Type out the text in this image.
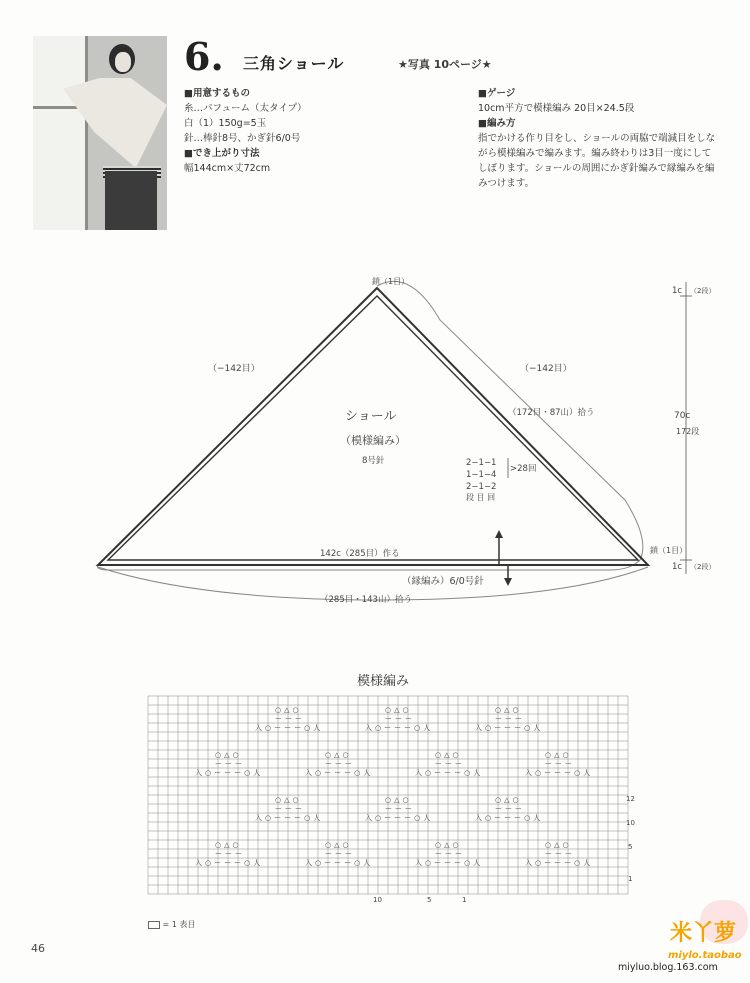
6. 三角ショール	★写真 10ページ★
■用意するもの
糸…パフューム（太タイプ）
白（1）150g=5玉
針…棒針8号、かぎ針6/0号
■でき上がり寸法
幅144cm×丈72cm
■ゲージ
10cm平方で模様編み 20目×24.5段
■編み方
指でかける作り目をし、ショールの両脇で端減目をしな
がら模様編みで編みます。編み終わりは3目一度にして
しぼります。ショールの周囲にかぎ針編みで縁編みを編
みつけます。
鎖（1目）
（−142目）	（−142目）
（172目・87山）拾う
ショール
（模様編み）
8号針	2−1−1
1−1−4
2−1−2
>28回
段 目 回
142c（285目）作る
（縁編み）6/0号針
（285目・143山）拾う
鎖（1目）
1c （2段）
70c
172段
1c （2段）
模様編み
○△○
ーーー
入○ーーー○人
○△○
ーーー
入○ーーー○人
○△○
ーーー
入○ーーー○人
○△○
ーーー
入○ーーー○人
○△○
ーーー
入○ーーー○人
○△○
ーーー
入○ーーー○人
○△○
ーーー
入○ーーー○人
○△○
ーーー
入○ーーー○人
○△○
ーーー
入○ーーー○人
○△○
ーーー
入○ーーー○人
○△○
ーーー
入○ーーー○人
○△○
ーーー
入○ーーー○人
○△○
ーーー
入○ーーー○人
○△○
ーーー
入○ーーー○人
12
10
5
1
10	5	1
= 1 表目
46
米丫萝
miylo.taobao
miyluo.blog.163.com
